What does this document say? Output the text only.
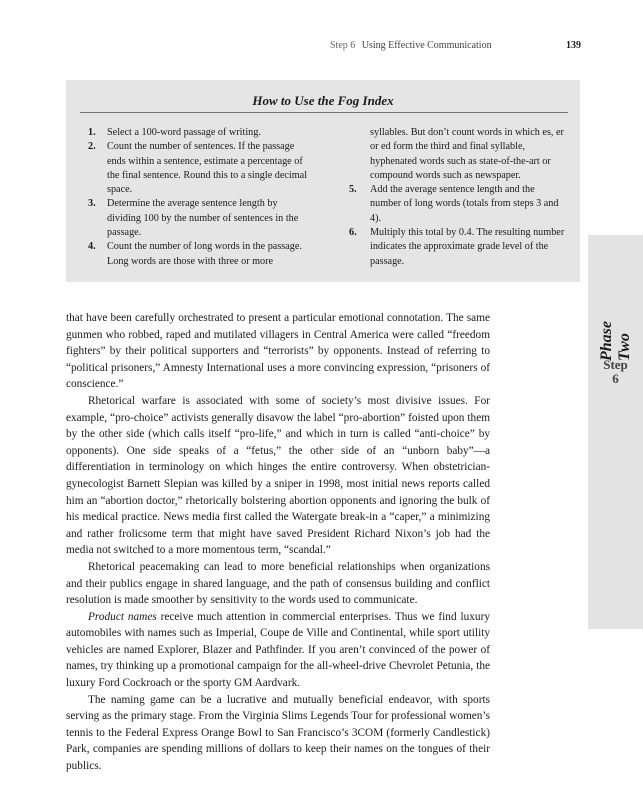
Step 6 Using Effective Communication	139
How to Use the Fog Index
1. Select a 100-word passage of writing.
2. Count the number of sentences. If the passage ends within a sentence, estimate a percentage of the final sentence. Round this to a single decimal space.
3. Determine the average sentence length by dividing 100 by the number of sentences in the passage.
4. Count the number of long words in the passage. Long words are those with three or more
syllables. But don’t count words in which es, er or ed form the third and final syllable, hyphenated words such as state-of-the-art or compound words such as newspaper.
5. Add the average sentence length and the number of long words (totals from steps 3 and 4).
6. Multiply this total by 0.4. The resulting number indicates the approximate grade level of the passage.
Phase Two
Step
6

that have been carefully orchestrated to present a particular emotional connotation. The same gunmen who robbed, raped and mutilated villagers in Central America were called “freedom fighters” by their political supporters and “terrorists” by opponents. Instead of referring to “political prisoners,” Amnesty International uses a more convincing expression, “prisoners of conscience.”

Rhetorical warfare is associated with some of society’s most divisive issues. For example, “pro-choice” activists generally disavow the label “pro-abortion” foisted upon them by the other side (which calls itself “pro-life,” and which in turn is called “anti-choice” by opponents). One side speaks of a “fetus,” the other side of an “unborn baby”—a differentiation in terminology on which hinges the entire controversy. When obstetrician-gynecologist Barnett Slepian was killed by a sniper in 1998, most initial news reports called him an “abortion doctor,” rhetorically bolstering abortion opponents and ignoring the bulk of his medical practice. News media first called the Watergate break-in a “caper,” a minimizing and rather frolicsome term that might have saved President Richard Nixon’s job had the media not switched to a more momentous term, “scandal.”

Rhetorical peacemaking can lead to more beneficial relationships when organizations and their publics engage in shared language, and the path of consensus building and conflict resolution is made smoother by sensitivity to the words used to communicate.

Product names receive much attention in commercial enterprises. Thus we find luxury automobiles with names such as Imperial, Coupe de Ville and Continental, while sport utility vehicles are named Explorer, Blazer and Pathfinder. If you aren’t convinced of the power of names, try thinking up a promotional campaign for the all-wheel-drive Chevrolet Petunia, the luxury Ford Cockroach or the sporty GM Aardvark.

The naming game can be a lucrative and mutually beneficial endeavor, with sports serving as the primary stage. From the Virginia Slims Legends Tour for professional women’s tennis to the Federal Express Orange Bowl to San Francisco’s 3COM (formerly Candlestick) Park, companies are spending millions of dollars to keep their names on the tongues of their publics.
